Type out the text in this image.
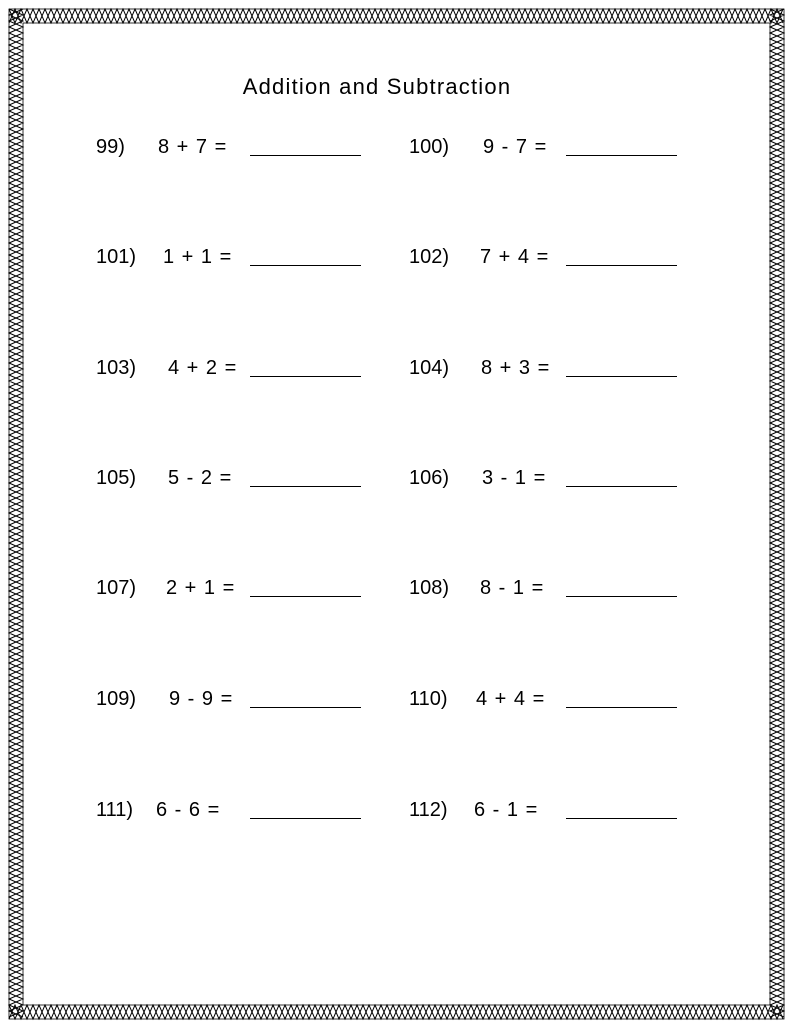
Addition and Subtraction
99) 8 + 7 =	100) 9 - 7 =
101) 1 + 1 =	102) 7 + 4 =
103) 4 + 2 =	104) 8 + 3 =
105) 5 - 2 =	106) 3 - 1 =
107) 2 + 1 =	108) 8 - 1 =
109) 9 - 9 =	110) 4 + 4 =
111) 6 - 6 =	112) 6 - 1 =
